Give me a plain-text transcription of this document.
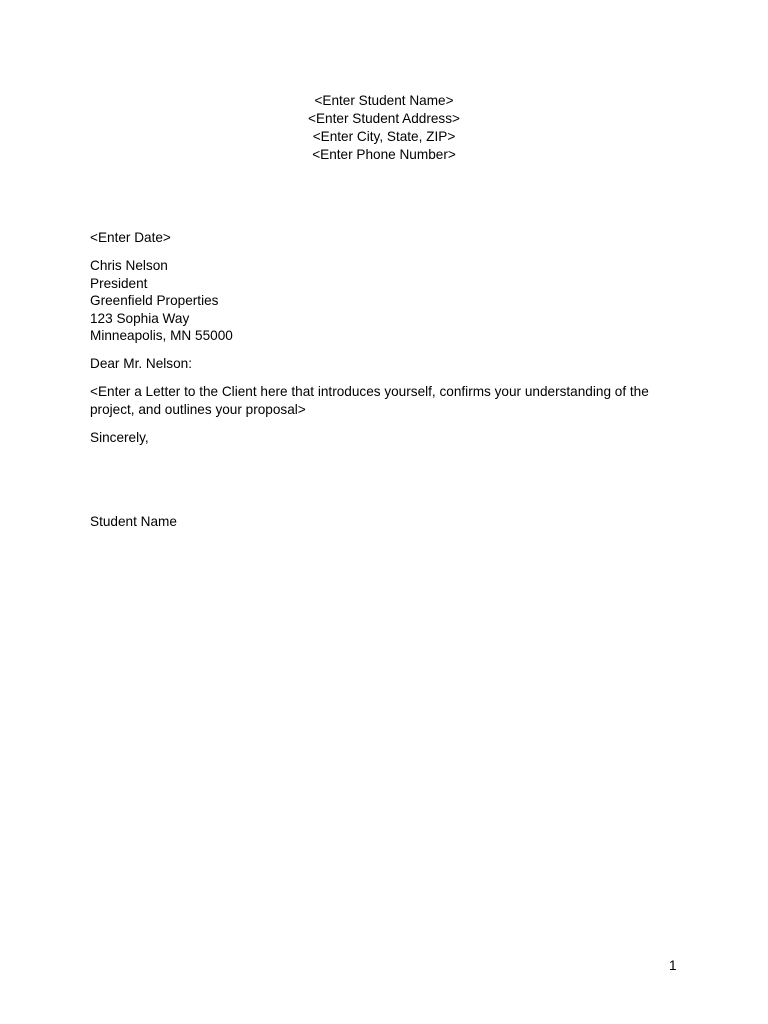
<Enter Student Name>
<Enter Student Address>
<Enter City, State, ZIP>
<Enter Phone Number>
<Enter Date>
Chris Nelson
President
Greenfield Properties
123 Sophia Way
Minneapolis, MN 55000
Dear Mr. Nelson:
<Enter a Letter to the Client here that introduces yourself, confirms your understanding of the project, and outlines your proposal>
Sincerely,
Student Name
1
